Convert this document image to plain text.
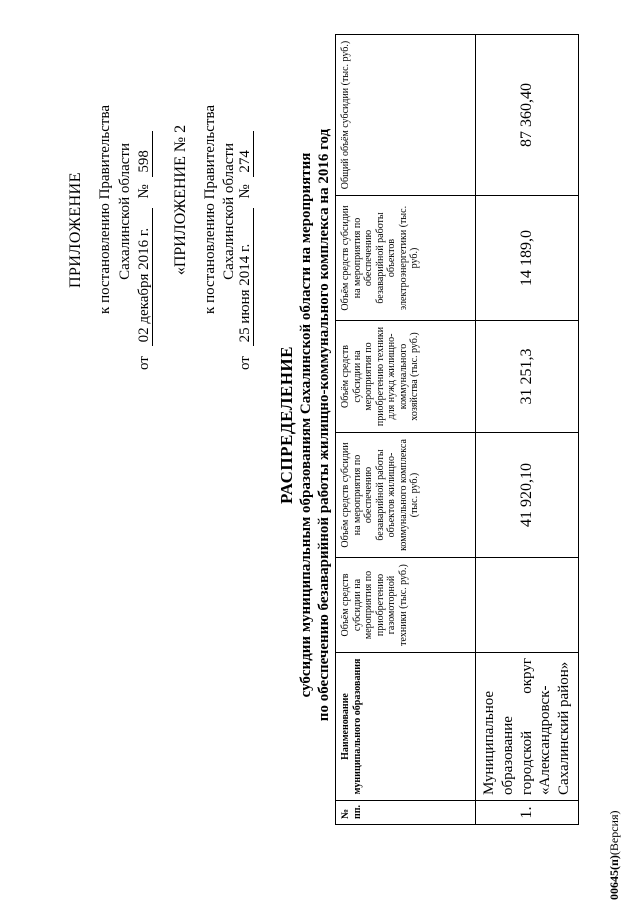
ПРИЛОЖЕНИЕ к постановлению Правительства Сахалинской области
от 02 декабря 2016 г. № 598 «ПРИЛОЖЕНИЕ № 2 к постановлению Правительства Сахалинской области
от 25 июня 2014 г. № 274
РАСПРЕДЕЛЕНИЕ субсидии муниципальным образованиям Сахалинской области на мероприятия по обеспечению безаварийной работы жилищно-коммунального комплекса на 2016 год
№ пп.	Наименование муниципального образования	Объём средств субсидии на мероприятия по приобретению газомоторной техники (тыс. руб.)	Объём средств субсидии на мероприятия по обеспечению безаварийной работы объектов жилищно-коммунального комплекса (тыс. руб.)	Объём средств субсидии на мероприятия по приобретению техники для нужд жилищно-коммунального хозяйства (тыс. руб.)	Объём средств субсидии на мероприятия по обеспечению безаварийной работы объектов электроэнергетики (тыс. руб.)	Общий объём субсидии (тыс. руб.)
1.	Муниципальное образование городской округ «Александровск-Сахалинский район»		41 920,10	31 251,3	14 189,0	87 360,40
00645(п)(Версия)
